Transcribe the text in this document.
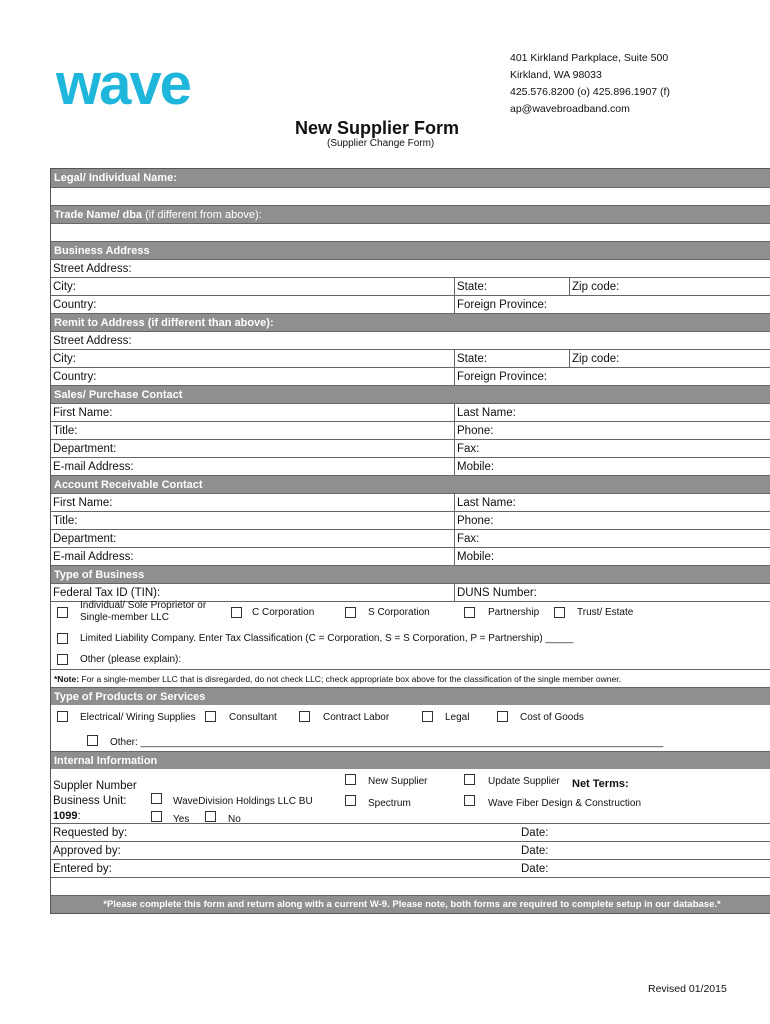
wave	401 Kirkland Parkplace, Suite 500
Kirkland, WA 98033
425.576.8200 (o) 425.896.1907 (f)
ap@wavebroadband.com
New Supplier Form
(Supplier Change Form)
Legal/ Individual Name:
Trade Name/ dba (if different from above):
Business Address
Street Address:
City:	State:	Zip code:
Country:	Foreign Province:
Remit to Address (if different than above):
Street Address:
City:	State:	Zip code:
Country:	Foreign Province:
Sales/ Purchase Contact
First Name:	Last Name:
Title:	Phone:
Department:	Fax:
E-mail Address:	Mobile:
Account Receivable Contact
First Name:	Last Name:
Title:	Phone:
Department:	Fax:
E-mail Address:	Mobile:
Type of Business
Federal Tax ID (TIN):	DUNS Number:
Individual/ Sole Proprietor or
Single-member LLC	C Corporation	S Corporation	Partnership	Trust/ Estate
Limited Liability Company. Enter Tax Classification (C = Corporation, S = S Corporation, P = Partnership) _____
Other (please explain):
*Note: For a single-member LLC that is disregarded, do not check LLC; check appropriate box above for the classification of the single member owner.
Type of Products or Services
Electrical/ Wiring Supplies	Consultant	Contract Labor	Legal	Cost of Goods
Other: ______________________________________________________________________________________________
Internal Information
Suppler Number	New Supplier	Update Supplier Net Terms:
Business Unit:	WaveDivision Holdings LLC BU	Spectrum	Wave Fiber Design & Construction
1099:	Yes	No
Requested by:	Date:
Approved by:	Date:
Entered by:	Date:
*Please complete this form and return along with a current W-9. Please note, both forms are required to complete setup in our database.*
Revised 01/2015
